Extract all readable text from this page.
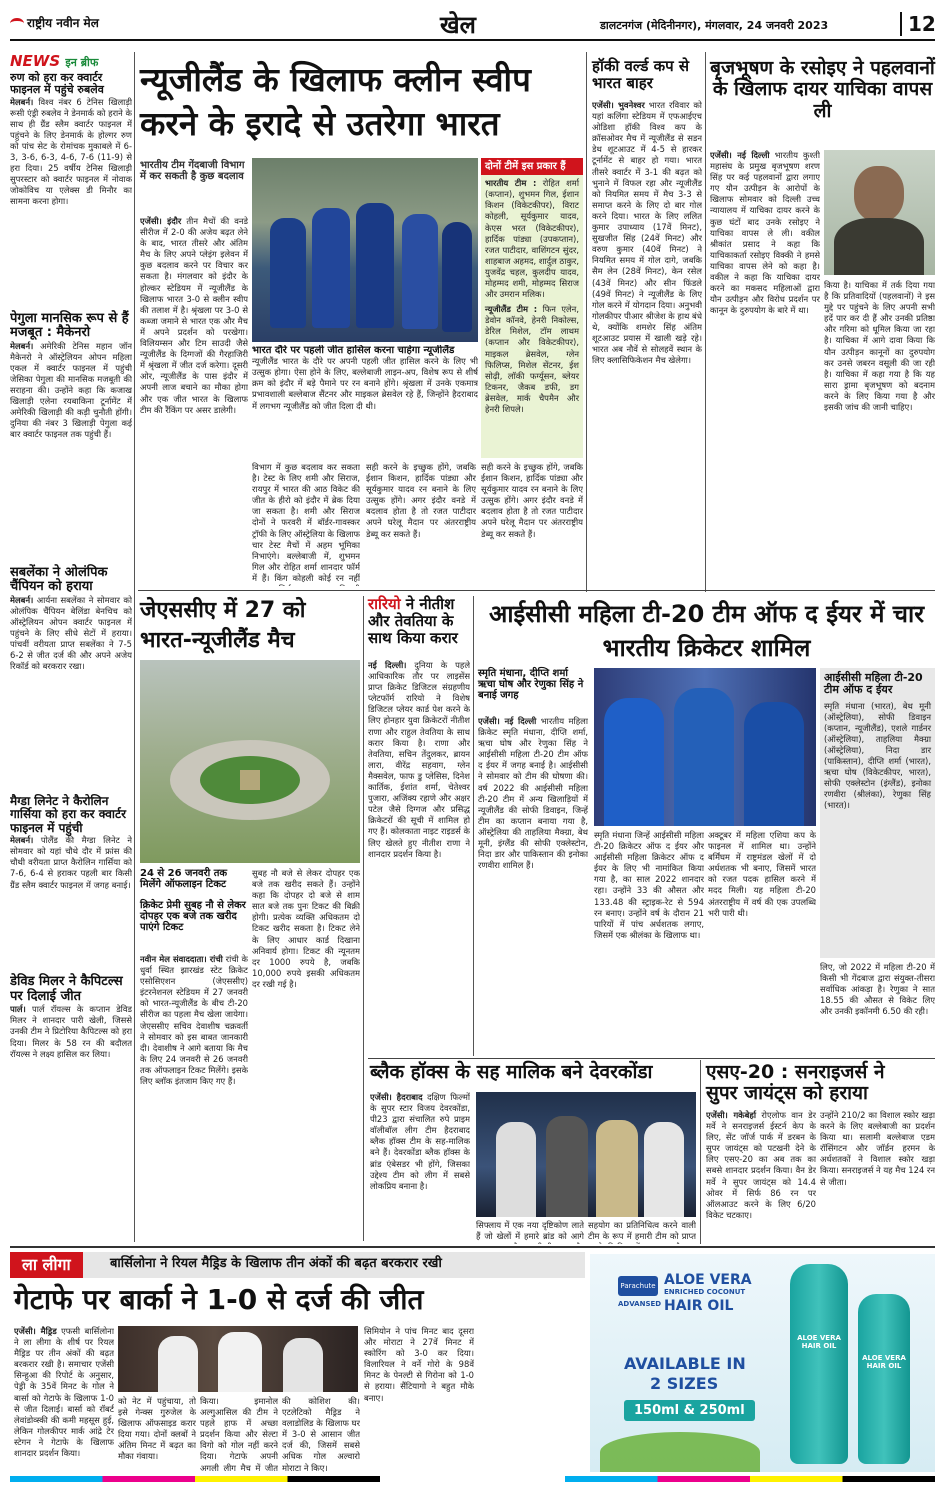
राष्ट्रीय नवीन मेल	खेल	डालटनगंज (मेदिनीनगर), मंगलवार, 24 जनवरी 2023	12
NEWS इन ब्रीफ
रुण को हरा कर क्वार्टर फाइनल में पहुंचे रुबलेव
मेलबर्न। विश्व नंबर 6 टेनिस खिलाड़ी रूसी एंड्री रुबलेव ने डेनमार्क को हराने के साथ ही ग्रैंड स्लैम क्वार्टर फाइनल में पहुंचने के लिए डेनमार्क के होल्गर रुण को पांच सेट के रोमांचक मुकाबले में 6-3, 3-6, 6-3, 4-6, 7-6 (11-9) से हरा दिया। 25 वर्षीय टेनिस खिलाड़ी सुपरस्टार को क्वार्टर फाइनल में नोवाक जोकोविच या एलेक्स डी मिनौर का सामना करना होगा।
पेगुला मानसिक रूप से हैं मजबूत : मैकेनरो
मेलबर्न। अमेरिकी टेनिस महान जॉन मैकेनरो ने ऑस्ट्रेलियन ओपन महिला एकल में क्वार्टर फाइनल में पहुंची जेसिका पेगुला की मानसिक मजबूती की सराहना की। उन्होंने कहा कि कजाख खिलाड़ी एलेना रयबाकिना टूर्नामेंट में अमेरिकी खिलाड़ी की कड़ी चुनौती होंगी। दुनिया की नंबर 3 खिलाड़ी पेगुला कई बार क्वार्टर फाइनल तक पहुंची हैं।
सबलेंका ने ओलंपिक चैंपियन को हराया
मेलबर्न। आर्यना सबलेंका ने सोमवार को ओलंपिक चैंपियन बेलिंडा बेनचिच को ऑस्ट्रेलियन ओपन क्वार्टर फाइनल में पहुंचने के लिए सीधे सेटों में हराया। पांचवीं वरीयता प्राप्त सबलेंका ने 7-5 6-2 से जीत दर्ज की और अपने अजेय रिकॉर्ड को बरकरार रखा।
मैग्डा लिनेट ने कैरोलिन गार्सिया को हरा कर क्वार्टर फाइनल में पहुंची
मेलबर्न। पोलैंड की मैग्डा लिनेट ने सोमवार को यहां चौथे दौर में फ्रांस की चौथी वरीयता प्राप्त कैरोलिन गार्सिया को 7-6, 6-4 से हराकर पहली बार किसी ग्रैंड स्लैम क्वार्टर फाइनल में जगह बनाई।
डेविड मिलर ने कैपिटल्स पर दिलाई जीत
पार्ल। पार्ल रॉयल्स के कप्तान डेविड मिलर ने शानदार पारी खेली, जिससे उनकी टीम ने प्रिटोरिया कैपिटल्स को हरा दिया। मिलर के 58 रन की बदौलत रॉयल्स ने लक्ष्य हासिल कर लिया।
न्यूजीलैंड के खिलाफ क्लीन स्वीप
करने के इरादे से उतरेगा भारत
भारतीय टीम गेंदबाजी विभाग में कर सकती है कुछ बदलाव
एजेंसी। इंदौर तीन मैचों की वनडे सीरीज में 2-0 की अजेय बढ़त लेने के बाद, भारत तीसरे और अंतिम मैच के लिए अपने प्लेइंग इलेवन में कुछ बदलाव करने पर विचार कर सकता है। मंगलवार को इंदौर के होल्कर स्टेडियम में न्यूजीलैंड के खिलाफ भारत 3-0 से क्लीन स्वीप की तलाश में है। श्रृंखला पर 3-0 से कब्जा जमाने से भारत एक और मैच में अपने प्रदर्शन को परखेगा। विलियम्सन और टिम साउदी जैसे न्यूजीलैंड के दिग्गजों की गैरहाजिरी में श्रृंखला में जीत दर्ज करेगा। दूसरी ओर, न्यूजीलैंड के पास इंदौर में अपनी लाज बचाने का मौका होगा और एक जीत भारत के खिलाफ टीम की रैंकिंग पर असर डालेगी।
भारत दौरे पर पहली जीत हासिल करना चाहेगा न्यूजीलैंड
न्यूजीलैंड भारत के दौरे पर अपनी पहली जीत हासिल करने के लिए भी उत्सुक होगा। ऐसा होने के लिए, बल्लेबाजी लाइन-अप, विशेष रूप से शीर्ष क्रम को इंदौर में बड़े पैमाने पर रन बनाने होंगे। श्रृंखला में उनके एकमात्र प्रभावशाली बल्लेबाज सैंटनर और माइकल ब्रेसवेल रहे हैं, जिन्होंने हैदराबाद में लगभग न्यूजीलैंड को जीत दिला दी थी।
विभाग में कुछ बदलाव कर सकता है। टेस्ट के लिए शमी और सिराज, रायपुर में भारत की आठ विकेट की जीत के हीरो को इंदौर में ब्रेक दिया जा सकता है। शमी और सिराज दोनों ने फरवरी में बॉर्डर-गावस्कर ट्रॉफी के लिए ऑस्ट्रेलिया के खिलाफ चार टेस्ट मैचों में अहम भूमिका निभाएंगे। बल्लेबाजी में, शुभमन गिल और रोहित शर्मा शानदार फॉर्म में हैं। किंग कोहली कोई रन नहीं
सही करने के इच्छुक होंगे, जबकि ईशान किशन, हार्दिक पांड्या और सूर्यकुमार यादव रन बनाने के लिए उत्सुक होंगे। अगर इंदौर वनडे में बदलाव होता है तो रजत पाटीदार अपने घरेलू मैदान पर अंतरराष्ट्रीय डेब्यू कर सकते हैं।
दोनों टीमें इस प्रकार हैं
भारतीय टीम : रोहित शर्मा (कप्तान), शुभमन गिल, ईशान किशन (विकेटकीपर), विराट कोहली, सूर्यकुमार यादव, केएस भरत (विकेटकीपर), हार्दिक पांड्या (उपकप्तान), रजत पाटीदार, वाशिंगटन सुंदर, शाहबाज अहमद, शार्दुल ठाकुर, युजवेंद्र चहल, कुलदीप यादव, मोहम्मद शमी, मोहम्मद सिराज और उमरान मलिक।
न्यूजीलैंड टीम : फिन एलेन, डेवोन कॉनवे, हेनरी निकोल्स, डेरिल मिशेल, टॉम लाथम (कप्तान और विकेटकीपर), माइकल ब्रेसवेल, ग्लेन फिलिप्स, मिशेल सेंटनर, ईश सोढ़ी, लॉकी फर्ग्यूसन, ब्लेयर टिकनर, जैकब डफी, डग ब्रेसवेल, मार्क चैपमैन और हेनरी शिपले।
सही करने के इच्छुक होंगे, जबकि ईशान किशन, हार्दिक पांड्या और सूर्यकुमार यादव रन बनाने के लिए उत्सुक होंगे। अगर इंदौर वनडे में बदलाव होता है तो रजत पाटीदार अपने घरेलू मैदान पर अंतरराष्ट्रीय डेब्यू कर सकते हैं।
हॉकी वर्ल्ड कप से भारत बाहर
एजेंसी। भुवनेश्वर भारत रविवार को यहां कलिंगा स्टेडियम में एफआईएच ओडिशा हॉकी विश्व कप के क्रॉसओवर मैच में न्यूजीलैंड से सडन डेथ शूटआउट में 4-5 से हारकर टूर्नामेंट से बाहर हो गया। भारत तीसरे क्वार्टर में 3-1 की बढ़त को भुनाने में विफल रहा और न्यूजीलैंड को नियमित समय में मैच 3-3 से समाप्त करने के लिए दो बार गोल करने दिया। भारत के लिए ललित कुमार उपाध्याय (17वें मिनट), सुखजीत सिंह (24वें मिनट) और वरुण कुमार (40वें मिनट) ने नियमित समय में गोल दागे, जबकि सैम लेन (28वें मिनट), केन रसेल (43वें मिनट) और सीन फिंडले (49वें मिनट) ने न्यूजीलैंड के लिए गोल करने में योगदान दिया। अनुभवी गोलकीपर पीआर श्रीजेश के हाथ बंधे थे, क्योंकि शमशेर सिंह अंतिम शूटआउट प्रयास में खाली खड़े रहे। भारत अब नौवें से सोलहवें स्थान के लिए क्लासिफिकेशन मैच खेलेगा।
बृजभूषण के रसोइए ने पहलवानों के खिलाफ दायर याचिका वापस ली
एजेंसी। नई दिल्ली भारतीय कुश्ती महासंघ के प्रमुख बृजभूषण शरण सिंह पर कई पहलवानों द्वारा लगाए गए यौन उत्पीड़न के आरोपों के खिलाफ सोमवार को दिल्ली उच्च न्यायालय में याचिका दायर करने के कुछ घंटों बाद उनके रसोइए ने याचिका वापस ले ली। वकील श्रीकांत प्रसाद ने कहा कि याचिकाकर्ता रसोइए विक्की ने हमसे याचिका वापस लेने को कहा है। वकील ने कहा कि याचिका दायर करने का मकसद महिलाओं द्वारा यौन उत्पीड़न और विरोध प्रदर्शन पर कानून के दुरुपयोग के बारे में था।
किया है। याचिका में तर्क दिया गया है कि प्रतिवादियों (पहलवानों) ने इस मुद्दे पर पहुंचने के लिए अपनी सभी हदें पार कर दी हैं और उनकी प्रतिष्ठा और गरिमा को धूमिल किया जा रहा है। याचिका में आगे दावा किया कि यौन उत्पीड़न कानूनों का दुरुपयोग कर उनसे जबरन वसूली की जा रही है। याचिका में कहा गया है कि यह सारा ड्रामा बृजभूषण को बदनाम करने के लिए किया गया है और इसकी जांच की जानी चाहिए।
जेएससीए में 27 को भारत-न्यूजीलैंड मैच
24 से 26 जनवरी तक मिलेंगे ऑफलाइन टिकट
क्रिकेट प्रेमी सुबह नौ से लेकर दोपहर एक बजे तक खरीद पाएंगे टिकट
नवीन मेल संवाददाता। रांची रांची के धुर्वा स्थित झारखंड स्टेट क्रिकेट एसोसिएशन (जेएससीए) इंटरनेशनल स्टेडियम में 27 जनवरी को भारत-न्यूजीलैंड के बीच टी-20 सीरीज का पहला मैच खेला जायेगा। जेएससीए सचिव देवाशीष चक्रवर्ती ने सोमवार को इस बाबत जानकारी दी। देवाशीष ने आगे बताया कि मैच के लिए 24 जनवरी से 26 जनवरी तक ऑफलाइन टिकट मिलेंगे। इसके लिए ब्लॉक इंतजाम किए गए हैं।
सुबह नौ बजे से लेकर दोपहर एक बजे तक खरीद सकते हैं। उन्होंने कहा कि दोपहर दो बजे से शाम सात बजे तक पुनः टिकट की बिक्री होगी। प्रत्येक व्यक्ति अधिकतम दो टिकट खरीद सकता है। टिकट लेने के लिए आधार कार्ड दिखाना अनिवार्य होगा। टिकट की न्यूनतम दर 1000 रुपये है, जबकि 10,000 रुपये इसकी अधिकतम दर रखी गई है।
रारियो ने नीतीश और तेवतिया के साथ किया करार
नई दिल्ली। दुनिया के पहले आधिकारिक तौर पर लाइसेंस प्राप्त क्रिकेट डिजिटल संग्रहणीय प्लेटफॉर्म रारियो ने विशेष डिजिटल प्लेयर कार्ड पेश करने के लिए होनहार युवा क्रिकेटरों नीतीश राणा और राहुल तेवतिया के साथ करार किया है। राणा और तेवतिया, सचिन तेंदुलकर, ब्रायन लारा, वीरेंद्र सहवाग, ग्लेन मैक्सवेल, फाफ डु प्लेसिस, दिनेश कार्तिक, ईशांत शर्मा, चेतेश्वर पुजारा, अजिंक्य रहाणे और अक्षर पटेल जैसे दिग्गज और प्रसिद्ध क्रिकेटरों की सूची में शामिल हो गए हैं। कोलकाता नाइट राइडर्स के लिए खेलते हुए नीतीश राणा ने शानदार प्रदर्शन किया है।
आईसीसी महिला टी-20 टीम ऑफ द ईयर में चार भारतीय क्रिकेटर शामिल
स्मृति मंधाना, दीप्ति शर्मा ऋचा घोष और रेणुका सिंह ने बनाई जगह
एजेंसी। नई दिल्ली भारतीय महिला क्रिकेट स्मृति मंधाना, दीप्ति शर्मा, ऋचा घोष और रेणुका सिंह ने आईसीसी महिला टी-20 टीम ऑफ द ईयर में जगह बनाई है। आईसीसी ने सोमवार को टीम की घोषणा की। वर्ष 2022 की आईसीसी महिला टी-20 टीम में अन्य खिलाड़ियों में न्यूजीलैंड की सोफी डिवाइन, जिन्हें टीम का कप्तान बनाया गया है, ऑस्ट्रेलिया की ताहलिया मैक्ग्रा, बेथ मूनी, इंग्लैंड की सोफी एक्लेस्टोन, निदा डार और पाकिस्तान की इनोका रणवीरा शामिल हैं।
स्मृति मंधाना जिन्हें आईसीसी महिला टी-20 क्रिकेटर ऑफ द ईयर और आईसीसी महिला क्रिकेटर ऑफ द ईयर के लिए भी नामांकित किया गया है, का साल 2022 शानदार रहा। उन्होंने 33 की औसत और 133.48 की स्ट्राइक-रेट से 594 रन बनाए। उन्होंने वर्ष के दौरान 21 पारियों में पांच अर्धशतक लगाए, जिसमें एक श्रीलंका के खिलाफ था।
अक्टूबर में महिला एशिया कप के फाइनल में शामिल था। उन्होंने बर्मिंघम में राष्ट्रमंडल खेलों में दो अर्धशतक भी बनाए, जिसमें भारत को रजत पदक हासिल करने में मदद मिली। यह महिला टी-20 अंतरराष्ट्रीय में वर्ष की एक उपलब्धि भरी पारी थी।
आईसीसी महिला टी-20 टीम ऑफ द ईयर
स्मृति मंधाना (भारत), बेथ मूनी (ऑस्ट्रेलिया), सोफी डिवाइन (कप्तान, न्यूजीलैंड), एशले गार्डनर (ऑस्ट्रेलिया), ताहलिया मैक्ग्रा (ऑस्ट्रेलिया), निदा डार (पाकिस्तान), दीप्ति शर्मा (भारत), ऋचा घोष (विकेटकीपर, भारत), सोफी एक्लेस्टोन (इंग्लैंड), इनोका रणवीरा (श्रीलंका), रेणुका सिंह (भारत)।
लिए, जो 2022 में महिला टी-20 में किसी भी गेंदबाज द्वारा संयुक्त-तीसरा सर्वाधिक आंकड़ा है। रेणुका ने सात 18.55 की औसत से विकेट लिए और उनकी इकॉनमी 6.50 की रही।
ब्लैक हॉक्स के सह मालिक बने देवरकोंडा
एजेंसी। हैदराबाद दक्षिण फिल्मों के सुपर स्टार विजय देवरकोंडा, पी23 द्वारा संचालित रुपे प्राइम वॉलीबॉल लीग टीम हैदराबाद ब्लैक हॉक्स टीम के सह-मालिक बने हैं। देवरकोंडा ब्लैक हॉक्स के ब्रांड एंबेसडर भी होंगे, जिसका उद्देश्य टीम को लीग में सबसे लोकप्रिय बनाना है।
सिफ्लाय में एक नया दृष्टिकोण लाते हैं जो खेलों में हमारे ब्रांड को आगे
सहयोग का प्रतिनिधित्व करने वाली टीम के रूप में हमारी टीम को प्राप्त
एसए-20 : सनराइजर्स ने
सुपर जायंट्स को हराया
एजेंसी। गकेबेर्हा रोएलोफ वान डेर मर्वे ने सनराइजर्स ईस्टर्न केप के लिए, सेंट जॉर्ज पार्क में डरबन के सुपर जायंट्स को पटखनी देने के लिए एसए-20 का अब तक का सबसे शानदार प्रदर्शन किया। वैन डेर मर्वे ने सुपर जायंट्स को 14.4 ओवर में सिर्फ 86 रन पर ऑलआउट करने के लिए 6/20 विकेट चटकाए।
उन्होंने 210/2 का विशाल स्कोर खड़ा करने के लिए बल्लेबाजी का प्रदर्शन किया था। सलामी बल्लेबाज एडम रॉसिंगटन और जॉर्डन हरमन के अर्धशतकों ने विशाल स्कोर खड़ा किया। सनराइजर्स ने यह मैच 124 रन से जीता।
ला लीगा	बार्सिलोना ने रियल मैड्रिड के खिलाफ तीन अंकों की बढ़त बरकरार रखी
गेटाफे पर बार्का ने 1-0 से दर्ज की जीत
एजेंसी। मैड्रिड एफसी बार्सिलोना ने ला लीगा के शीर्ष पर रियल मैड्रिड पर तीन अंकों की बढ़त बरकरार रखी है। समाचार एजेंसी सिन्हुआ की रिपोर्ट के अनुसार, पेड्री के 35वें मिनट के गोल ने बार्सा को गेटाफे के खिलाफ 1-0 से जीत दिलाई। बार्सा को रॉबर्ट लेवांडोव्स्की की कमी महसूस हुई, लेकिन गोलकीपर मार्क आंद्रे टेर स्टेगन ने गेटाफे के खिलाफ शानदार प्रदर्शन किया।
को नेट में पहुंचाया, तो इसे गेन्क्स गुरुजेल के खिलाफ ऑफसाइड करार दिया गया। दोनों क्लबों ने अंतिम मिनट में बढ़त का मौका गंवाया।
किया। इमानोल अल्गुआसिल की टीम ने पहले हाफ में अच्छा प्रदर्शन किया और सेल्टा विगो को गोल नहीं करने दिया। गेटाफे अपनी अगली लीग मैच में जीत
की कोशिश की। एटलेटिको मैड्रिड ने वलाडोलिड के खिलाफ घर में 3-0 से आसान जीत दर्ज की, जिसमें सबसे अधिक गोल अल्वारो मोराटा ने किए।
सिमियोन ने पांच मिनट बाद दूसरा और मोराटा ने 27वें मिनट में स्कोरिंग को 3-0 कर दिया। विलारियल ने वर्ने गोरो के 98वें मिनट के पेनल्टी से गिरोना को 1-0 से हराया। सैंटियागो ने बहुत मौके बनाए।
Parachute
ADVANSED
ALOE VERA
ENRICHED COCONUT
HAIR OIL
AVAILABLE IN
2 SIZES
150ml & 250ml
ALOE VERA HAIR OIL
ALOE VERA HAIR OIL
